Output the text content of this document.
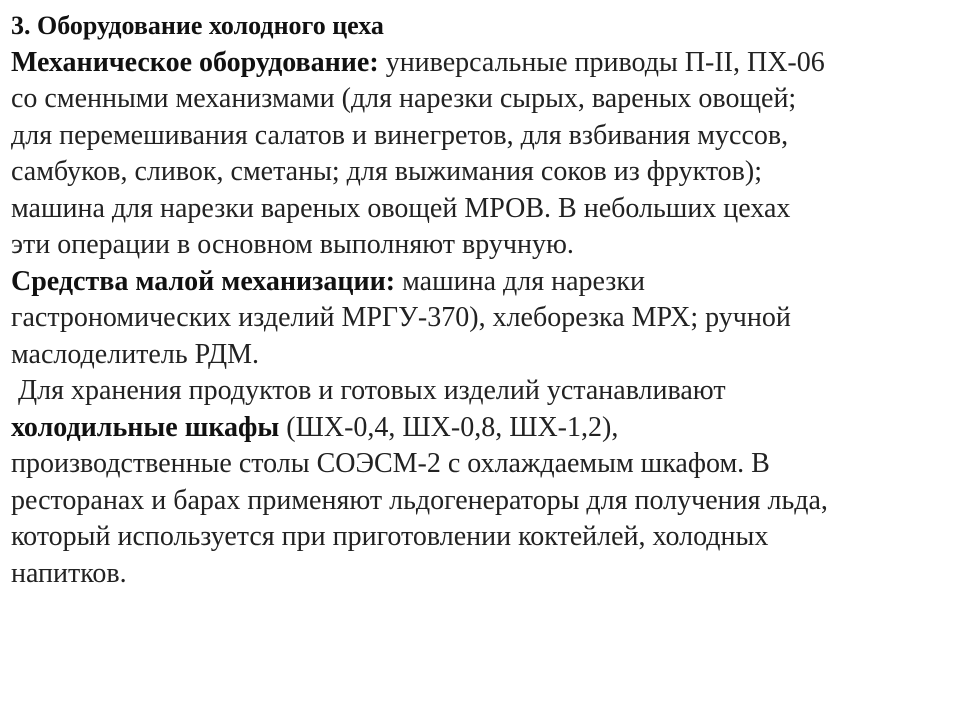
3. Оборудование холодного цеха
Механическое оборудование: универсальные приводы П-II, ПХ-06
со сменными механизмами (для нарезки сырых, вареных овощей;
для перемешивания салатов и винегретов, для взбивания муссов,
самбуков, сливок, сметаны; для выжимания соков из фруктов);
машина для нарезки вареных овощей МРОВ. В небольших цехах
эти операции в основном выполняют вручную.
Средства малой механизации: машина для нарезки
гастрономических изделий МРГУ-370), хлеборезка МРХ; ручной
маслоделитель РДМ.
Для хранения продуктов и готовых изделий устанавливают
холодильные шкафы (ШХ-0,4, ШХ-0,8, ШХ-1,2),
производственные столы СОЭСМ-2 с охлаждаемым шкафом. В
ресторанах и барах применяют льдогенераторы для получения льда,
который используется при приготовлении коктейлей, холодных
напитков.
